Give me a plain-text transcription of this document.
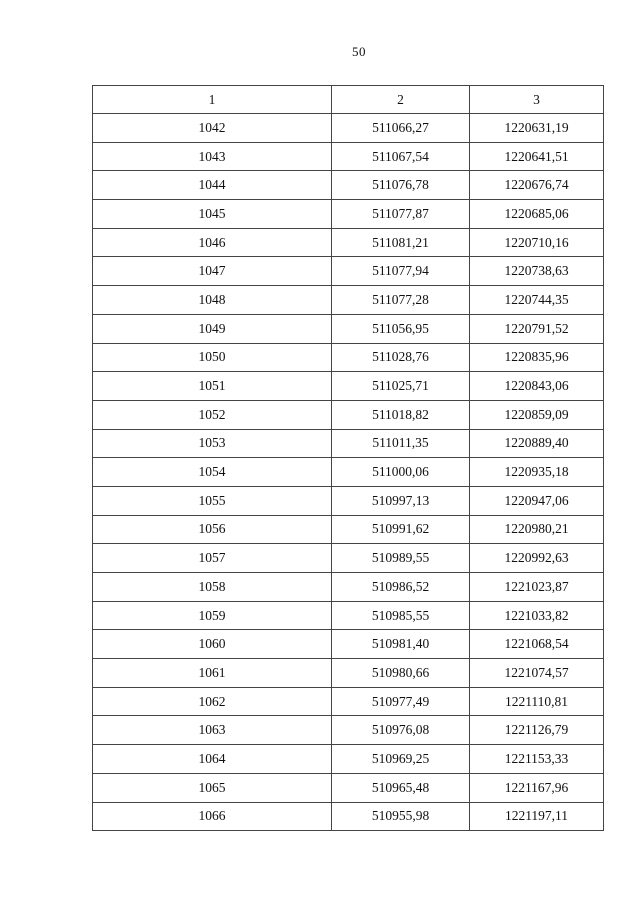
50
1	2	3
1042	511066,27	1220631,19
1043	511067,54	1220641,51
1044	511076,78	1220676,74
1045	511077,87	1220685,06
1046	511081,21	1220710,16
1047	511077,94	1220738,63
1048	511077,28	1220744,35
1049	511056,95	1220791,52
1050	511028,76	1220835,96
1051	511025,71	1220843,06
1052	511018,82	1220859,09
1053	511011,35	1220889,40
1054	511000,06	1220935,18
1055	510997,13	1220947,06
1056	510991,62	1220980,21
1057	510989,55	1220992,63
1058	510986,52	1221023,87
1059	510985,55	1221033,82
1060	510981,40	1221068,54
1061	510980,66	1221074,57
1062	510977,49	1221110,81
1063	510976,08	1221126,79
1064	510969,25	1221153,33
1065	510965,48	1221167,96
1066	510955,98	1221197,11
